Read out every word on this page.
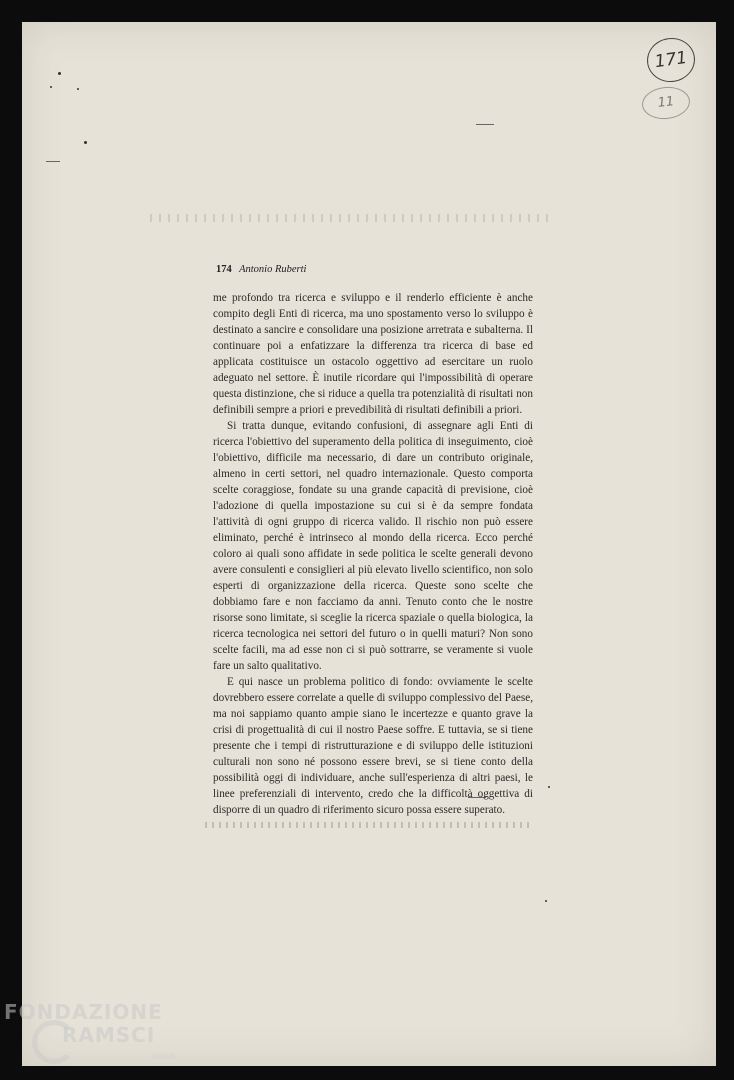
171
11
174 Antonio Ruberti

me profondo tra ricerca e sviluppo e il renderlo efficiente è anche compito degli Enti di ricerca, ma uno spostamento verso lo sviluppo è destinato a sancire e consolidare una posizione arretrata e subalterna. Il continuare poi a enfatizzare la differenza tra ricerca di base ed applicata costituisce un ostacolo oggettivo ad esercitare un ruolo adeguato nel settore. È inutile ricordare qui l'impossibilità di operare questa distinzione, che si riduce a quella tra potenzialità di risultati non definibili sempre a priori e prevedibilità di risultati definibili a priori.

Si tratta dunque, evitando confusioni, di assegnare agli Enti di ricerca l'obiettivo del superamento della politica di inseguimento, cioè l'obiettivo, difficile ma necessario, di dare un contributo originale, almeno in certi settori, nel quadro internazionale. Questo comporta scelte coraggiose, fondate su una grande capacità di previsione, cioè l'adozione di quella impostazione su cui si è da sempre fondata l'attività di ogni gruppo di ricerca valido. Il rischio non può essere eliminato, perché è intrinseco al mondo della ricerca. Ecco perché coloro ai quali sono affidate in sede politica le scelte generali devono avere consulenti e consiglieri al più elevato livello scientifico, non solo esperti di organizzazione della ricerca. Queste sono scelte che dobbiamo fare e non facciamo da anni. Tenuto conto che le nostre risorse sono limitate, si sceglie la ricerca spaziale o quella biologica, la ricerca tecnologica nei settori del futuro o in quelli maturi? Non sono scelte facili, ma ad esse non ci si può sottrarre, se veramente si vuole fare un salto qualitativo.

E qui nasce un problema politico di fondo: ovviamente le scelte dovrebbero essere correlate a quelle di sviluppo complessivo del Paese, ma noi sappiamo quanto ampie siano le incertezze e quanto grave la crisi di progettualità di cui il nostro Paese soffre. E tuttavia, se si tiene presente che i tempi di ristrutturazione e di sviluppo delle istituzioni culturali non sono né possono essere brevi, se si tiene conto della possibilità oggi di individuare, anche sull'esperienza di altri paesi, le linee preferenziali di intervento, credo che la difficoltà oggettiva di disporre di un quadro di riferimento sicuro possa essere superato.

FONDAZIONE
RAMSCI
onlus
